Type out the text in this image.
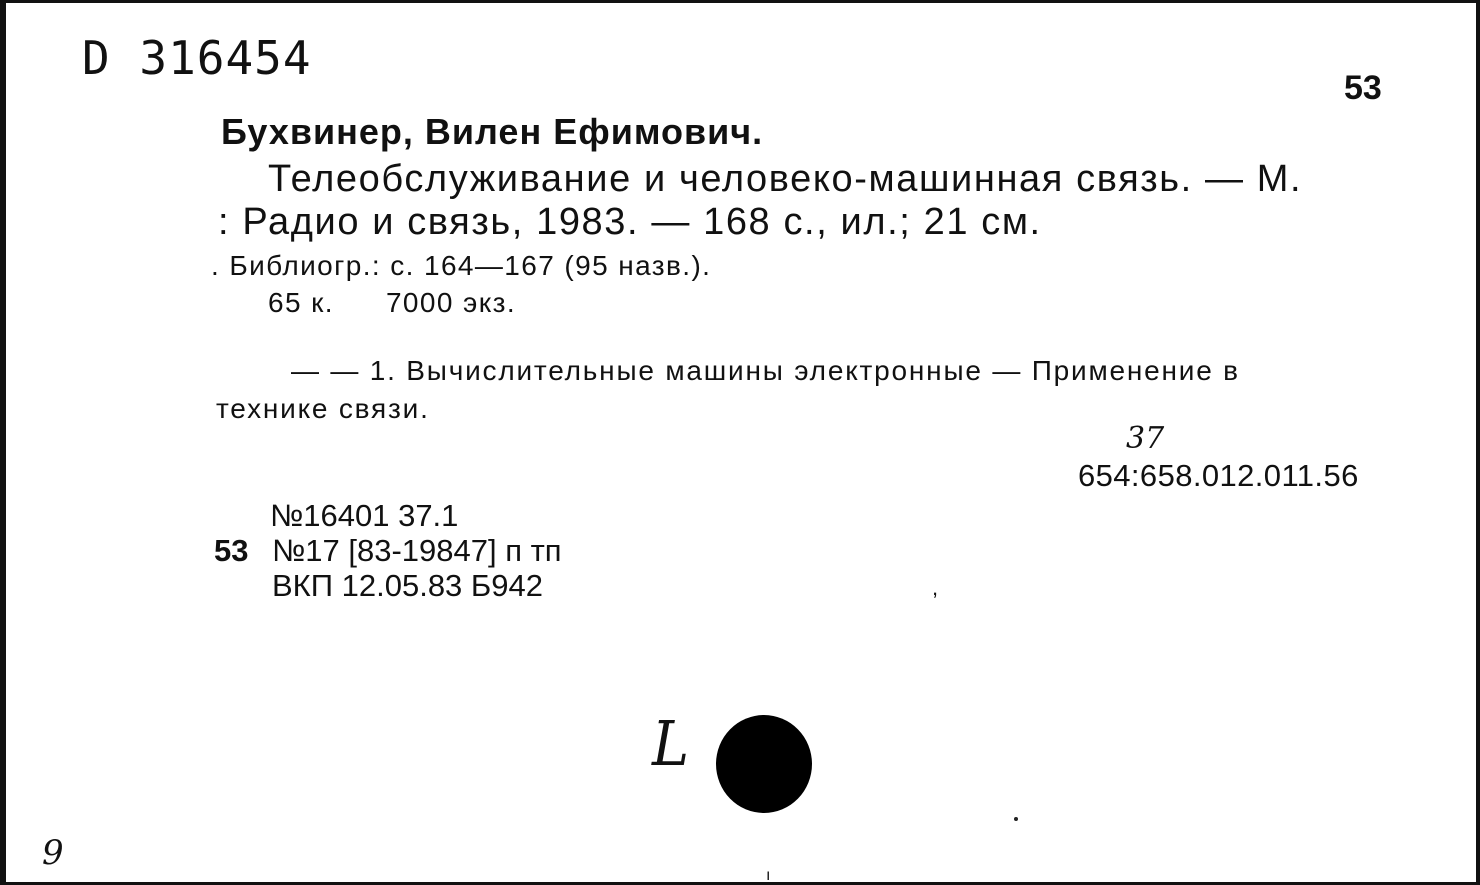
D 316454
53
Бухвинер, Вилен Ефимович.
Телеобслуживание и человеко-машинная связь. — М.
: Радио и связь, 1983. — 168 с., ил.; 21 см.
. Библиогр.: с. 164—167 (95 назв.).
65 к. 7000 экз.
— — 1. Вычислительные машины электронные — Применение в
технике связи.
37
654:658.012.011.56
№16401 37.1
53 №17 [83-19847] п тп
ВКП 12.05.83 Б942	,
L
9
ı
